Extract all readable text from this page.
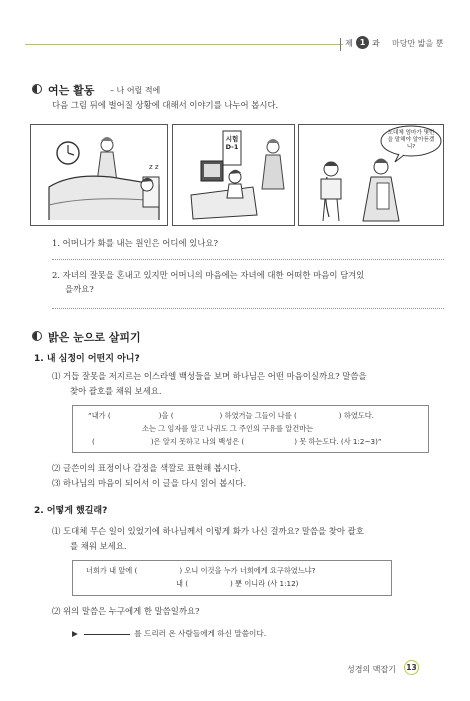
제 1 과 마당만 밟을 뿐
여는 활동 – 나 어릴 적에
다음 그림 뒤에 벌어질 상황에 대해서 이야기를 나누어 봅시다.
z z
시험 D-1
도대체 엄마가 몇번을 말해야 알아듣겠니?
1. 어머니가 화를 내는 원인은 어디에 있나요?
2. 자녀의 잘못을 혼내고 있지만 어머니의 마음에는 자녀에 대한 어떠한 마음이 담겨있
을까요?
밝은 눈으로 살피기
1. 내 심정이 어떤지 아니?
⑴ 거듭 잘못을 저지르는 이스라엘 백성들을 보며 하나님은 어떤 마음이실까요? 말씀을
찾아 괄호를 채워 보세요.
“내가 (	)을 (	) 하였거늘 그들이 나를 (	) 하였도다.
소는 그 임자를 알고 나귀도 그 주인의 구유를 알건마는
(	)은 알지 못하고 나의 백성은 (	) 못 하는도다. (사 1:2~3)”
⑵ 글쓴이의 표정이나 감정을 색깔로 표현해 봅시다.
⑶ 하나님의 마음이 되어서 이 글을 다시 읽어 봅시다.
2. 어떻게 했길래?
⑴ 도대체 무슨 일이 있었기에 하나님께서 이렇게 화가 나신 걸까요? 말씀을 찾아 괄호
를 채워 보세요.
너희가 내 앞에 (	) 오니 이것을 누가 너희에게 요구하였느냐?
내 (	) 뿐 이니라 (사 1:12)
⑵ 위의 말씀은 누구에게 한 말씀일까요?
▶	를 드리러 온 사람들에게 하신 말씀이다.
성경의 맥잡기	13
